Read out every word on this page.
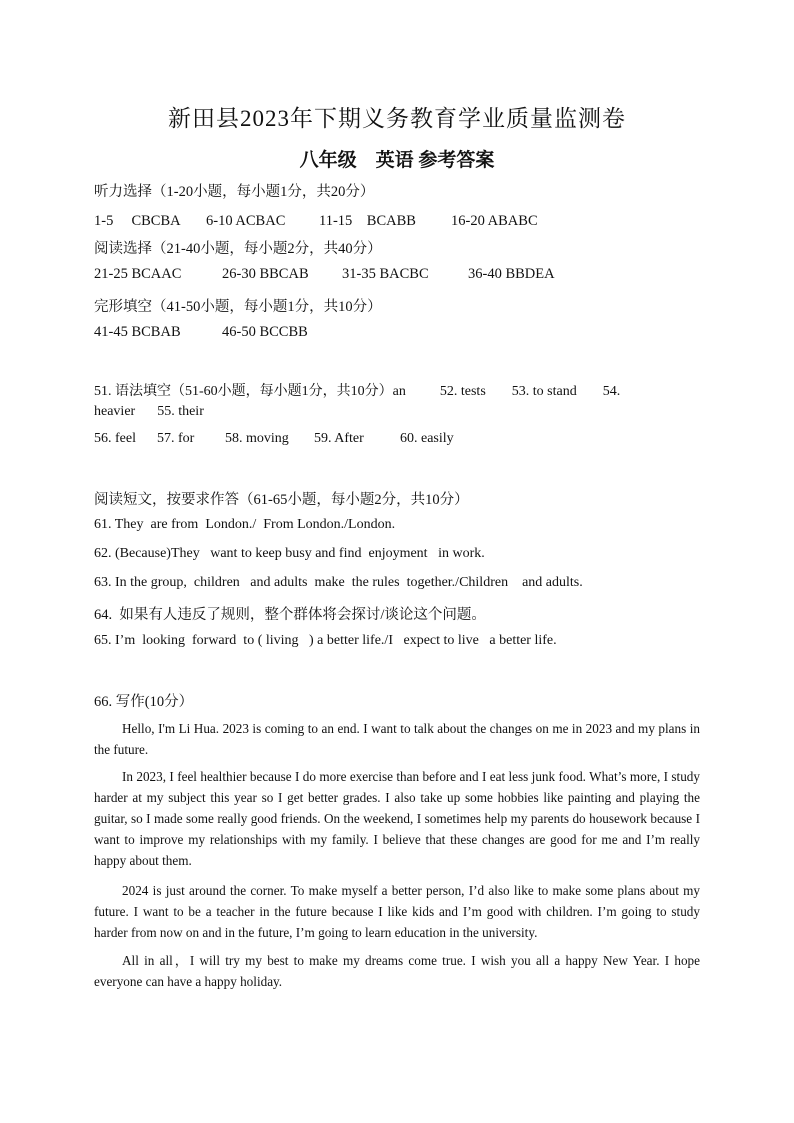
新田县2023年下期义务教育学业质量监测卷
八年级　英语 参考答案
听力选择（1-20小题，每小题1分，共20分）
1-5　 CBCBA 6-10 ACBAC 11-15　BCABB 16-20 ABABC
阅读选择（21-40小题，每小题2分，共40分）
21-25 BCAAC	26-30 BBCAB 31-35 BACBC	36-40 BBDEA
完形填空（41-50小题，每小题1分，共10分）
41-45 BCBAB	46-50 BCCBB
51. 语法填空（51-60小题，每小题1分，共10分）an 52. tests 53. to stand 54.
heavier 55. their
56. feel 57. for 58. moving 59. After	60. easily
阅读短文，按要求作答（61-65小题，每小题2分，共10分）
61. They  are from  London./  From London./London.
62. (Because)They   want to keep busy and find  enjoyment   in work.
63. In the group,  children   and adults  make  the rules  together./Children    and adults.
64.  如果有人违反了规则，整个群体将会探讨/谈论这个问题。
65. I’m  looking  forward  to ( living   ) a better life./I   expect to live   a better life.
66. 写作(10分）
Hello, I'm Li Hua. 2023 is coming to an end. I want to talk about the changes on me in 2023 and my plans in the future.
In 2023, I feel healthier because I do more exercise than before and I eat less junk food. What’s more, I study harder at my subject this year so I get better grades. I also take up some hobbies like painting and playing the guitar, so I made some really good friends. On the weekend, I sometimes help my parents do housework because I want to improve my relationships with my family. I believe that these changes are good for me and I’m really happy about them.
2024 is just around the corner. To make myself a better person, I’d also like to make some plans about my future. I want to be a teacher in the future because I like kids and I’m good with children. I’m going to study harder from now on and in the future, I’m going to learn education in the university.
All in all，I will try my best to make my dreams come true. I wish you all a happy New Year. I hope everyone can have a happy holiday.
